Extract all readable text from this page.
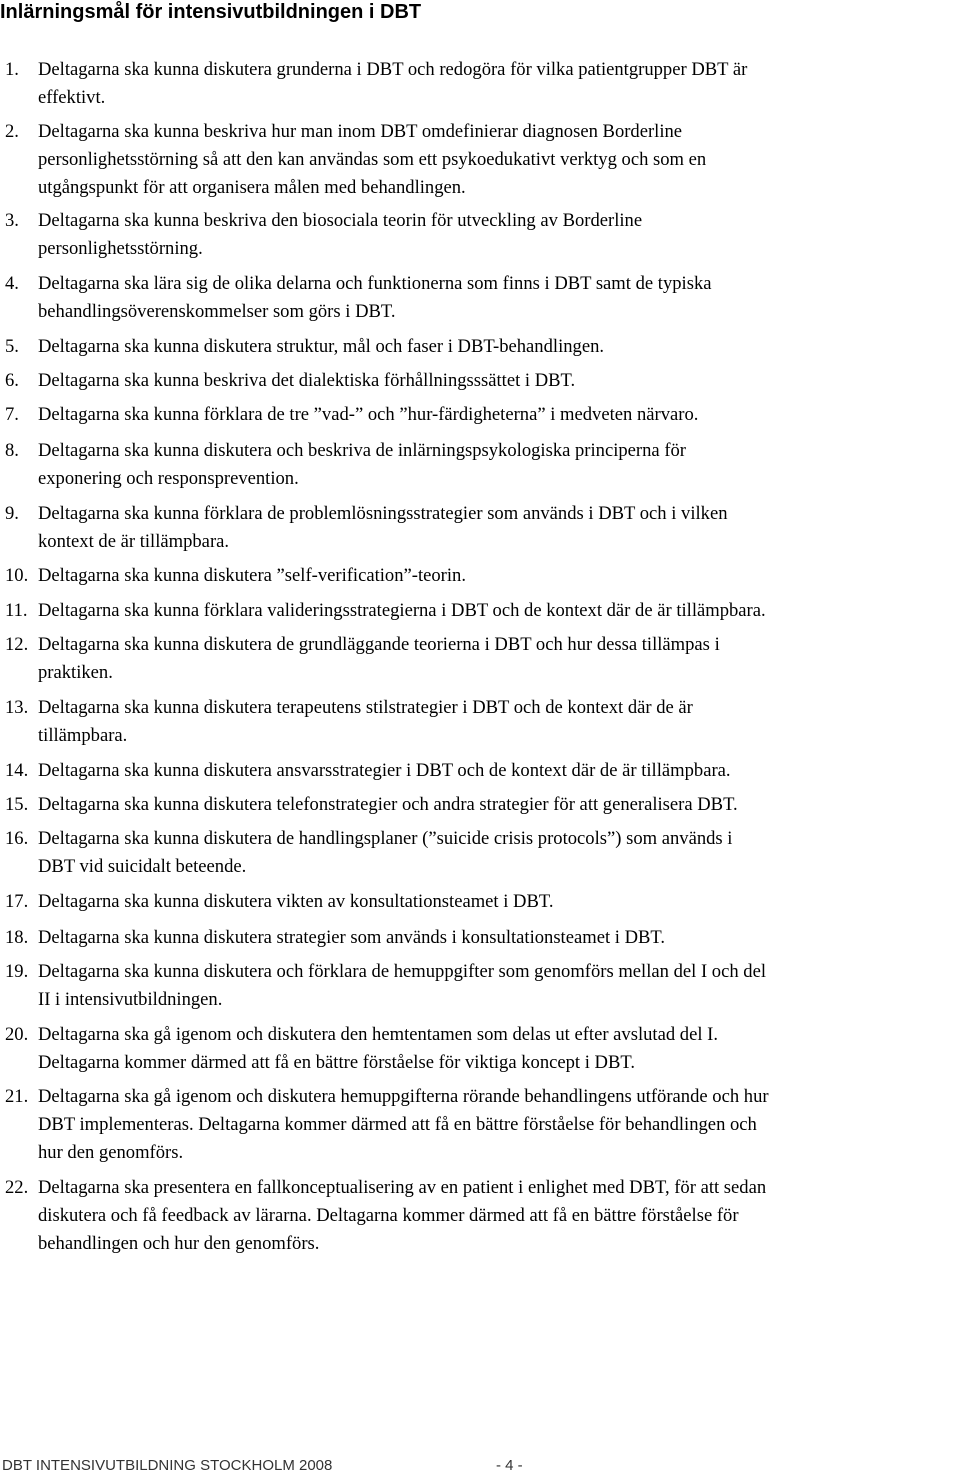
Inlärningsmål för intensivutbildningen i DBT
1. Deltagarna ska kunna diskutera grunderna i DBT och redogöra för vilka patientgrupper DBT är
effektivt.
2. Deltagarna ska kunna beskriva hur man inom DBT omdefinierar diagnosen Borderline
personlighetsstörning så att den kan användas som ett psykoedukativt verktyg och som en
utgångspunkt för att organisera målen med behandlingen.
3. Deltagarna ska kunna beskriva den biosociala teorin för utveckling av Borderline
personlighetsstörning.
4. Deltagarna ska lära sig de olika delarna och funktionerna som finns i DBT samt de typiska
behandlingsöverenskommelser som görs i DBT.
5. Deltagarna ska kunna diskutera struktur, mål och faser i DBT-behandlingen.
6. Deltagarna ska kunna beskriva det dialektiska förhållningsssättet i DBT.
7. Deltagarna ska kunna förklara de tre ”vad-” och ”hur-färdigheterna” i medveten närvaro.
8. Deltagarna ska kunna diskutera och beskriva de inlärningspsykologiska principerna för
exponering och responsprevention.
9. Deltagarna ska kunna förklara de problemlösningsstrategier som används i DBT och i vilken
kontext de är tillämpbara.
10. Deltagarna ska kunna diskutera ”self-verification”-teorin.
11. Deltagarna ska kunna förklara valideringsstrategierna i DBT och de kontext där de är tillämpbara.
12. Deltagarna ska kunna diskutera de grundläggande teorierna i DBT och hur dessa tillämpas i
praktiken.
13. Deltagarna ska kunna diskutera terapeutens stilstrategier i DBT och de kontext där de är
tillämpbara.
14. Deltagarna ska kunna diskutera ansvarsstrategier i DBT och de kontext där de är tillämpbara.
15. Deltagarna ska kunna diskutera telefonstrategier och andra strategier för att generalisera DBT.
16. Deltagarna ska kunna diskutera de handlingsplaner (”suicide crisis protocols”) som används i
DBT vid suicidalt beteende.
17. Deltagarna ska kunna diskutera vikten av konsultationsteamet i DBT.
18. Deltagarna ska kunna diskutera strategier som används i konsultationsteamet i DBT.
19. Deltagarna ska kunna diskutera och förklara de hemuppgifter som genomförs mellan del I och del
II i intensivutbildningen.
20. Deltagarna ska gå igenom och diskutera den hemtentamen som delas ut efter avslutad del I.
Deltagarna kommer därmed att få en bättre förståelse för viktiga koncept i DBT.
21. Deltagarna ska gå igenom och diskutera hemuppgifterna rörande behandlingens utförande och hur
DBT implementeras. Deltagarna kommer därmed att få en bättre förståelse för behandlingen och
hur den genomförs.
22. Deltagarna ska presentera en fallkonceptualisering av en patient i enlighet med DBT, för att sedan
diskutera och få feedback av lärarna. Deltagarna kommer därmed att få en bättre förståelse för
behandlingen och hur den genomförs.
DBT INTENSIVUTBILDNING STOCKHOLM 2008	- 4 -
